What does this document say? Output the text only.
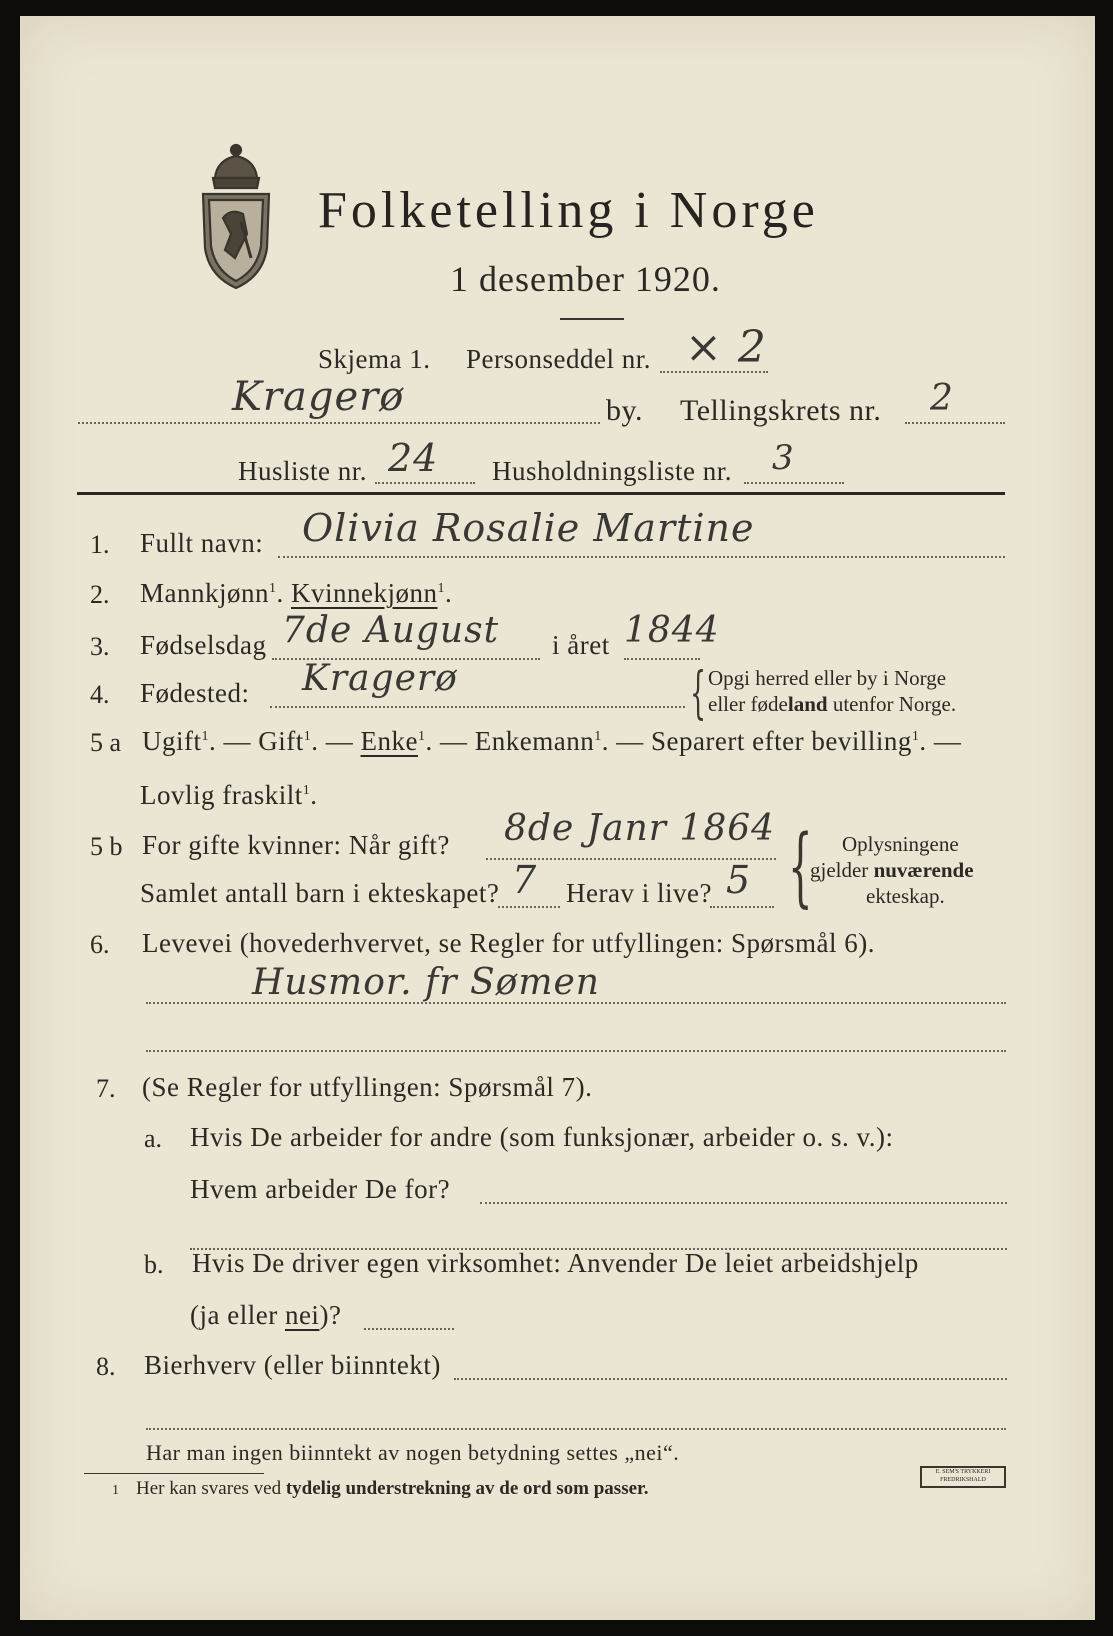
Folketelling i Norge
1 desember 1920.
Skjema 1. Personseddel nr. × 2
Kragerø	by. Tellingskrets nr. 2
Husliste nr. 24 Husholdningsliste nr. 3
1. Fullt navn: Olivia Rosalie Martine
2. Mannkjønn$^1$. Kvinnekjønn$^1$.
3. Fødselsdag 7de August i året 1844
4. Fødested: Kragerø	{ Opgi herred eller by i Norge
eller fødeland utenfor Norge.
5 a Ugift$^1$. — Gift$^1$. — Enke$^1$. — Enkemann$^1$. — Separert efter bevilling$^1$. —
Lovlig fraskilt$^1$.
5 b For gifte kvinner: Når gift? 8de Janr 1864
Samlet antall barn i ekteskapet? 7 Herav i live? 5 { Oplysningene
gjelder nuværende
ekteskap.
6. Levevei (hovederhvervet, se Regler for utfyllingen: Spørsmål 6).
Husmor. fr Sømen
7. (Se Regler for utfyllingen: Spørsmål 7).
a. Hvis De arbeider for andre (som funksjonær, arbeider o. s. v.):
Hvem arbeider De for?
b. Hvis De driver egen virksomhet: Anvender De leiet arbeidshjelp
(ja eller nei)?
8. Bierhverv (eller biinntekt)
Har man ingen biinntekt av nogen betydning settes „nei“.
1 Her kan svares ved tydelig understrekning av de ord som passer.
E. SEM'S TRYKKERI FREDRIKSHALD
